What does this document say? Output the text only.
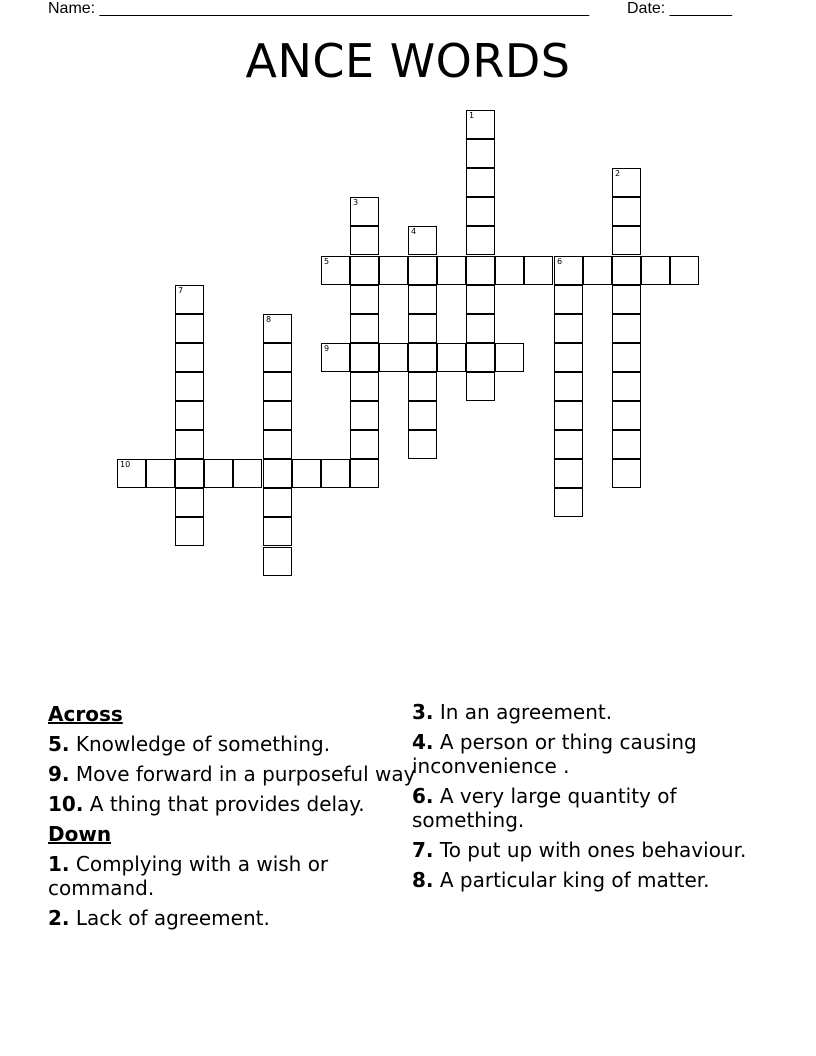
Name: _______________________________________________________ Date: _______
ANCE WORDS
5	6
9
10
1
2
3
4
7
8
Across
5. Knowledge of something.
9. Move forward in a purposeful way
10. A thing that provides delay.
Down
1. Complying with a wish or command.
2. Lack of agreement.
3. In an agreement.
4. A person or thing causing inconvenience .
6. A very large quantity of something.
7. To put up with ones behaviour.
8. A particular king of matter.
